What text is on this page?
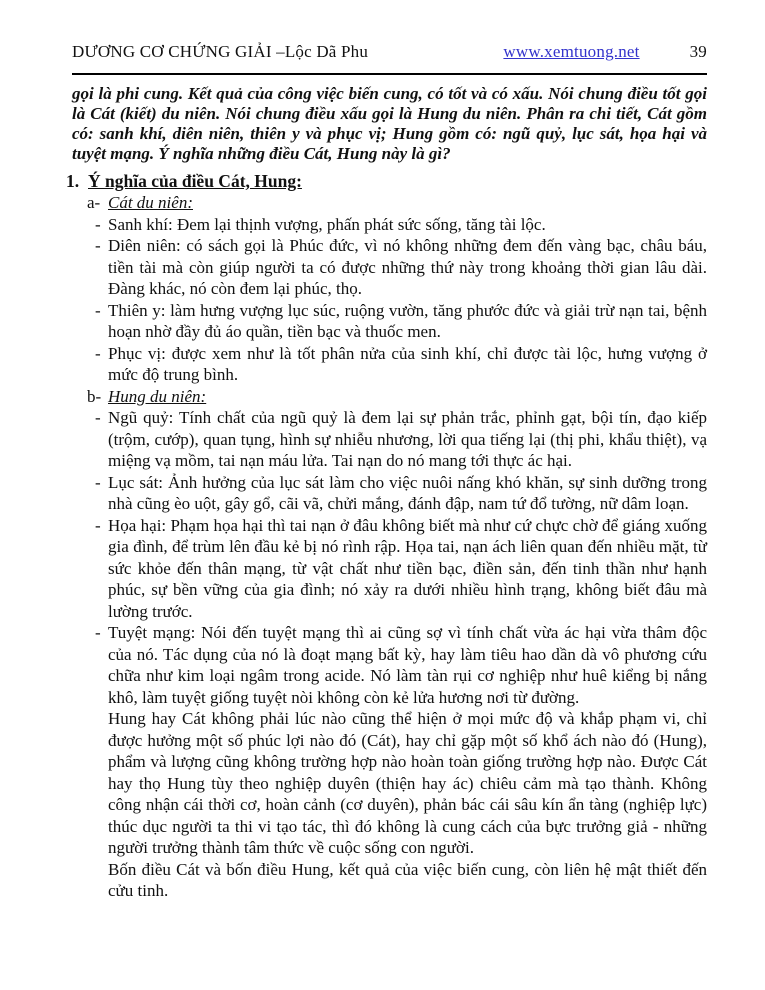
DƯƠNG CƠ CHỨNG GIẢI –Lộc Dã Phu	www.xemtuong.net	39

gọi là phi cung. Kết quả của công việc biến cung, có tốt và có xấu. Nói chung điều tốt gọi là Cát (kiết) du niên. Nói chung điều xấu gọi là Hung du niên. Phân ra chi tiết, Cát gồm có: sanh khí, diên niên, thiên y và phục vị; Hung gồm có: ngũ quỷ, lục sát, họa hại và tuyệt mạng. Ý nghĩa những điều Cát, Hung này là gì?

1. Ý nghĩa của điều Cát, Hung:
a- Cát du niên:
- Sanh khí: Đem lại thịnh vượng, phấn phát sức sống, tăng tài lộc.

- Diên niên: có sách gọi là Phúc đức, vì nó không những đem đến vàng bạc, châu báu, tiền tài mà còn giúp người ta có được những thứ này trong khoảng thời gian lâu dài. Đàng khác, nó còn đem lại phúc, thọ.

- Thiên y: làm hưng vượng lục súc, ruộng vườn, tăng phước đức và giải trừ nạn tai, bệnh hoạn nhờ đầy đủ áo quần, tiền bạc và thuốc men.

- Phục vị: được xem như là tốt phân nửa của sinh khí, chỉ được tài lộc, hưng vượng ở mức độ trung bình.

b- Hung du niên:
- Ngũ quỷ: Tính chất của ngũ quỷ là đem lại sự phản trắc, phỉnh gạt, bội tín, đạo kiếp (trộm, cướp), quan tụng, hình sự nhiễu nhương, lời qua tiếng lại (thị phi, khẩu thiệt), vạ miệng vạ mồm, tai nạn máu lửa. Tai nạn do nó mang tới thực ác hại.

- Lục sát: Ảnh hưởng của lục sát làm cho việc nuôi nấng khó khăn, sự sinh dưỡng trong nhà cũng èo uột, gây gổ, cãi vã, chửi mắng, đánh đập, nam tứ đổ tường, nữ dâm loạn.

- Họa hại: Phạm họa hại thì tai nạn ở đâu không biết mà như cứ chực chờ để giáng xuống gia đình, để trùm lên đầu kẻ bị nó rình rập. Họa tai, nạn ách liên quan đến nhiều mặt, từ sức khỏe đến thân mạng, từ vật chất như tiền bạc, điền sản, đến tinh thần như hạnh phúc, sự bền vững của gia đình; nó xảy ra dưới nhiều hình trạng, không biết đâu mà lường trước.

- Tuyệt mạng: Nói đến tuyệt mạng thì ai cũng sợ vì tính chất vừa ác hại vừa thâm độc của nó. Tác dụng của nó là đoạt mạng bất kỳ, hay làm tiêu hao dần dà vô phương cứu chữa như kim loại ngâm trong acide. Nó làm tàn rụi cơ nghiệp như huê kiểng bị nắng khô, làm tuyệt giống tuyệt nòi không còn kẻ lửa hương nơi từ đường.

Hung hay Cát không phải lúc nào cũng thể hiện ở mọi mức độ và khắp phạm vi, chỉ được hưởng một số phúc lợi nào đó (Cát), hay chỉ gặp một số khổ ách nào đó (Hung), phẩm và lượng cũng không trường hợp nào hoàn toàn giống trường hợp nào. Được Cát hay thọ Hung tùy theo nghiệp duyên (thiện hay ác) chiêu cảm mà tạo thành. Không công nhận cái thời cơ, hoàn cảnh (cơ duyên), phản bác cái sâu kín ẩn tàng (nghiệp lực) thúc dục người ta thi vi tạo tác, thì đó không là cung cách của bực trưởng giả - những người trưởng thành tâm thức về cuộc sống con người.

Bốn điều Cát và bốn điều Hung, kết quả của việc biến cung, còn liên hệ mật thiết đến cửu tinh.
